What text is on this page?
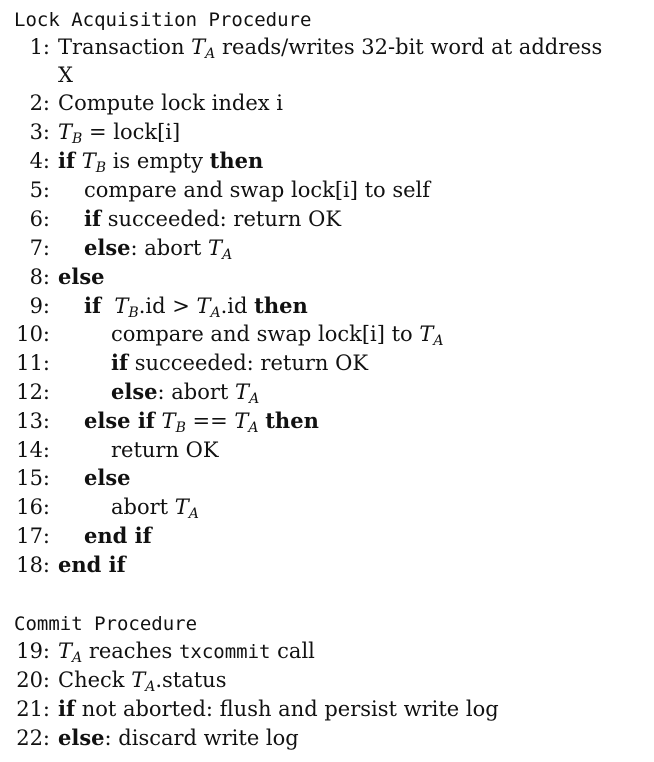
Lock Acquisition Procedure
1: Transaction $T_A$ reads/writes 32-bit word at address
X
2: Compute lock index i
3: $T_B$ = lock[i]
4: if $T_B$ is empty then
5: compare and swap lock[i] to self
6: if succeeded: return OK
7: else: abort $T_A$
8: else
9: if $T_B.id > T_A.id$ then
10:	compare and swap lock[i] to $T_A$
11:	if succeeded: return OK
12:	else: abort $T_A$
13: else if $T_B == T_A$ then
14:	return OK
15: else
16:	abort $T_A$
17: end if
18: end if
Commit Procedure
19: $T_A$ reaches txcommit call
20: Check $T_A.status$
21: if not aborted: flush and persist write log
22: else: discard write log
